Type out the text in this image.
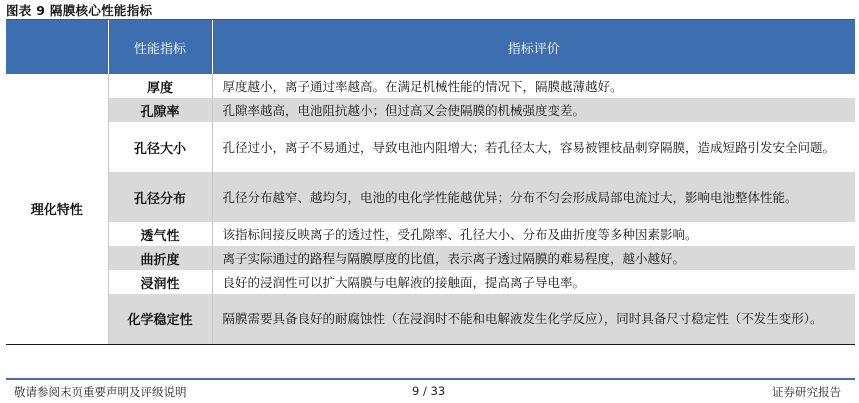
图表 9 隔膜核心性能指标
	性能指标	指标评价
理化特性	厚度	厚度越小，离子通过率越高。在满足机械性能的情况下，隔膜越薄越好。
	孔隙率	孔隙率越高，电池阻抗越小；但过高又会使隔膜的机械强度变差。
	孔径大小	孔径过小，离子不易通过，导致电池内阻增大；若孔径太大，容易被锂枝晶刺穿隔膜，造成短路引发安全问题。
	孔径分布	孔径分布越窄、越均匀，电池的电化学性能越优异；分布不匀会形成局部电流过大，影响电池整体性能。
	透气性	该指标间接反映离子的透过性，受孔隙率、孔径大小、分布及曲折度等多种因素影响。
	曲折度	离子实际通过的路程与隔膜厚度的比值，表示离子透过隔膜的难易程度，越小越好。
	浸润性	良好的浸润性可以扩大隔膜与电解液的接触面，提高离子导电率。
	化学稳定性	隔膜需要具备良好的耐腐蚀性（在浸润时不能和电解液发生化学反应），同时具备尺寸稳定性（不发生变形）。
敬请参阅末页重要声明及评级说明	9 / 33	证券研究报告
